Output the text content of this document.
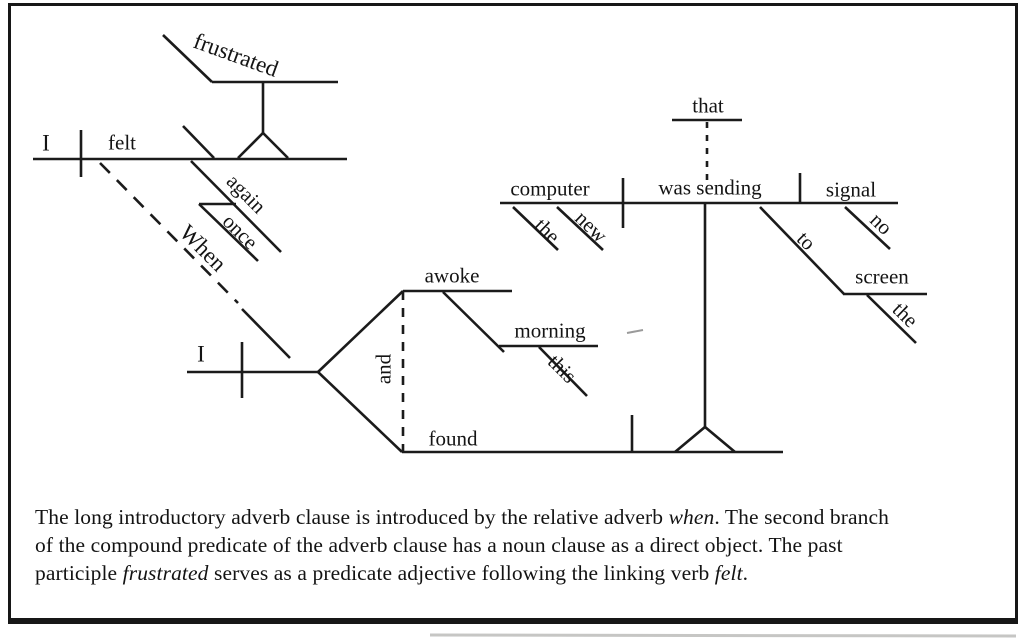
I	felt
frustrated
again
once
When
I	and
awoke
morning
this
found
that
computer
the new
was sending	signal
no
to
screen
the
The long introductory adverb clause is introduced by the relative adverb when. The second branch
of the compound predicate of the adverb clause has a noun clause as a direct object. The past
participle frustrated serves as a predicate adjective following the linking verb felt.
